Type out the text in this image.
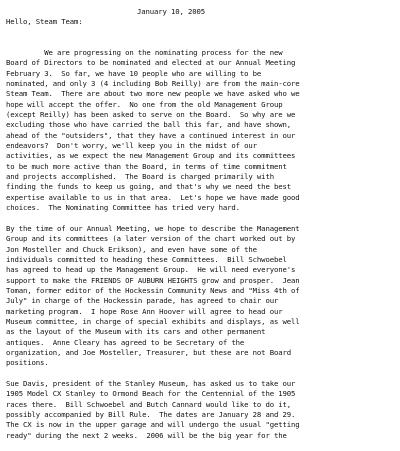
January 10, 2005
Hello, Steam Team:
We are progressing on the nominating process for the new
Board of Directors to be nominated and elected at our Annual Meeting
February 3.  So far, we have 10 people who are willing to be
nominated, and only 3 (4 including Bob Reilly) are from the main-core
Steam Team.  There are about two more new people we have asked who we
hope will accept the offer.  No one from the old Management Group
(except Reilly) has been asked to serve on the Board.  So why are we
excluding those who have carried the ball this far, and have shown,
ahead of the "outsiders", that they have a continued interest in our
endeavors?  Don't worry, we'll keep you in the midst of our
activities, as we expect the new Management Group and its committees
to be much more active than the Board, in terms of time commitment
and projects accomplished.  The Board is charged primarily with
finding the funds to keep us going, and that's why we need the best
expertise available to us in that area.  Let's hope we have made good
choices.  The Nominating Committee has tried very hard.
By the time of our Annual Meeting, we hope to describe the Management
Group and its committees (a later version of the chart worked out by
Jon Mosteller and Chuck Erikson), and even have some of the
individuals committed to heading these Committees.  Bill Schwoebel
has agreed to head up the Management Group.  He will need everyone's
support to make the FRIENDS OF AUBURN HEIGHTS grow and prosper.  Jean
Toman, former editor of the Hockessin Community News and "Miss 4th of
July" in charge of the Hockessin parade, has agreed to chair our
marketing program.  I hope Rose Ann Hoover will agree to head our
Museum committee, in charge of special exhibits and displays, as well
as the layout of the Museum with its cars and other permanent
antiques.  Anne Cleary has agreed to be Secretary of the
organization, and Joe Mosteller, Treasurer, but these are not Board
positions.
Sue Davis, president of the Stanley Museum, has asked us to take our
1905 Model CX Stanley to Ormond Beach for the Centennial of the 1905
races there.  Bill Schwoebel and Butch Cannard would like to do it,
possibly accompanied by Bill Rule.  The dates are January 28 and 29.
The CX is now in the upper garage and will undergo the usual "getting
ready" during the next 2 weeks.  2006 will be the big year for the
